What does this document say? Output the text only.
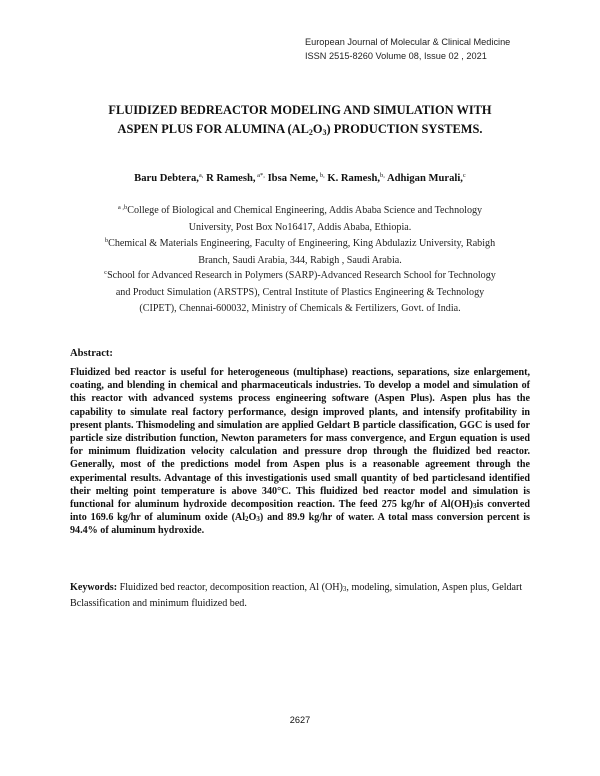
European Journal of Molecular & Clinical Medicine
ISSN 2515-8260 Volume 08, Issue 02 , 2021
FLUIDIZED BEDREACTOR MODELING AND SIMULATION WITH
ASPEN PLUS FOR ALUMINA $(AL_2O_3)$ PRODUCTION SYSTEMS.
Baru Debtera,$^{a,}$ R Ramesh, $^{a*,}$ Ibsa Neme, $^{b,}$ K. Ramesh,$^{b,}$ Adhigan Murali,$^c$
$^{a ,b}$College of Biological and Chemical Engineering, Addis Ababa Science and Technology
University, Post Box No16417, Addis Ababa, Ethiopia.
$^b$Chemical & Materials Engineering, Faculty of Engineering, King Abdulaziz University, Rabigh
Branch, Saudi Arabia, 344, Rabigh , Saudi Arabia.
$^c$School for Advanced Research in Polymers (SARP)-Advanced Research School for Technology
and Product Simulation (ARSTPS), Central Institute of Plastics Engineering & Technology
(CIPET), Chennai-600032, Ministry of Chemicals & Fertilizers, Govt. of India.
Abstract:

Fluidized bed reactor is useful for heterogeneous (multiphase) reactions, separations, size enlargement, coating, and blending in chemical and pharmaceuticals industries. To develop a model and simulation of this reactor with advanced systems process engineering software (Aspen Plus). Aspen plus has the capability to simulate real factory performance, design improved plants, and intensify profitability in present plants. Thismodeling and simulation are applied Geldart B particle classification, GGC is used for particle size distribution function, Newton parameters for mass convergence, and Ergun equation is used for minimum fluidization velocity calculation and pressure drop through the fluidized bed reactor. Generally, most of the predictions model from Aspen plus is a reasonable agreement through the experimental results. Advantage of this investigationis used small quantity of bed particlesand identified their melting point temperature is above 340°C. This fluidized bed reactor model and simulation is functional for aluminum hydroxide decomposition reaction. The feed 275 kg/hr of $Al(OH)_3is$ converted into 169.6 kg/hr of aluminum oxide $(Al_2O_3)$ and 89.9 kg/hr of water. A total mass conversion percent is 94.4% of aluminum hydroxide.

Keywords: Fluidized bed reactor, decomposition reaction, Al $(OH)_3$, modeling, simulation, Aspen plus, Geldart Bclassification and minimum fluidized bed.

2627
